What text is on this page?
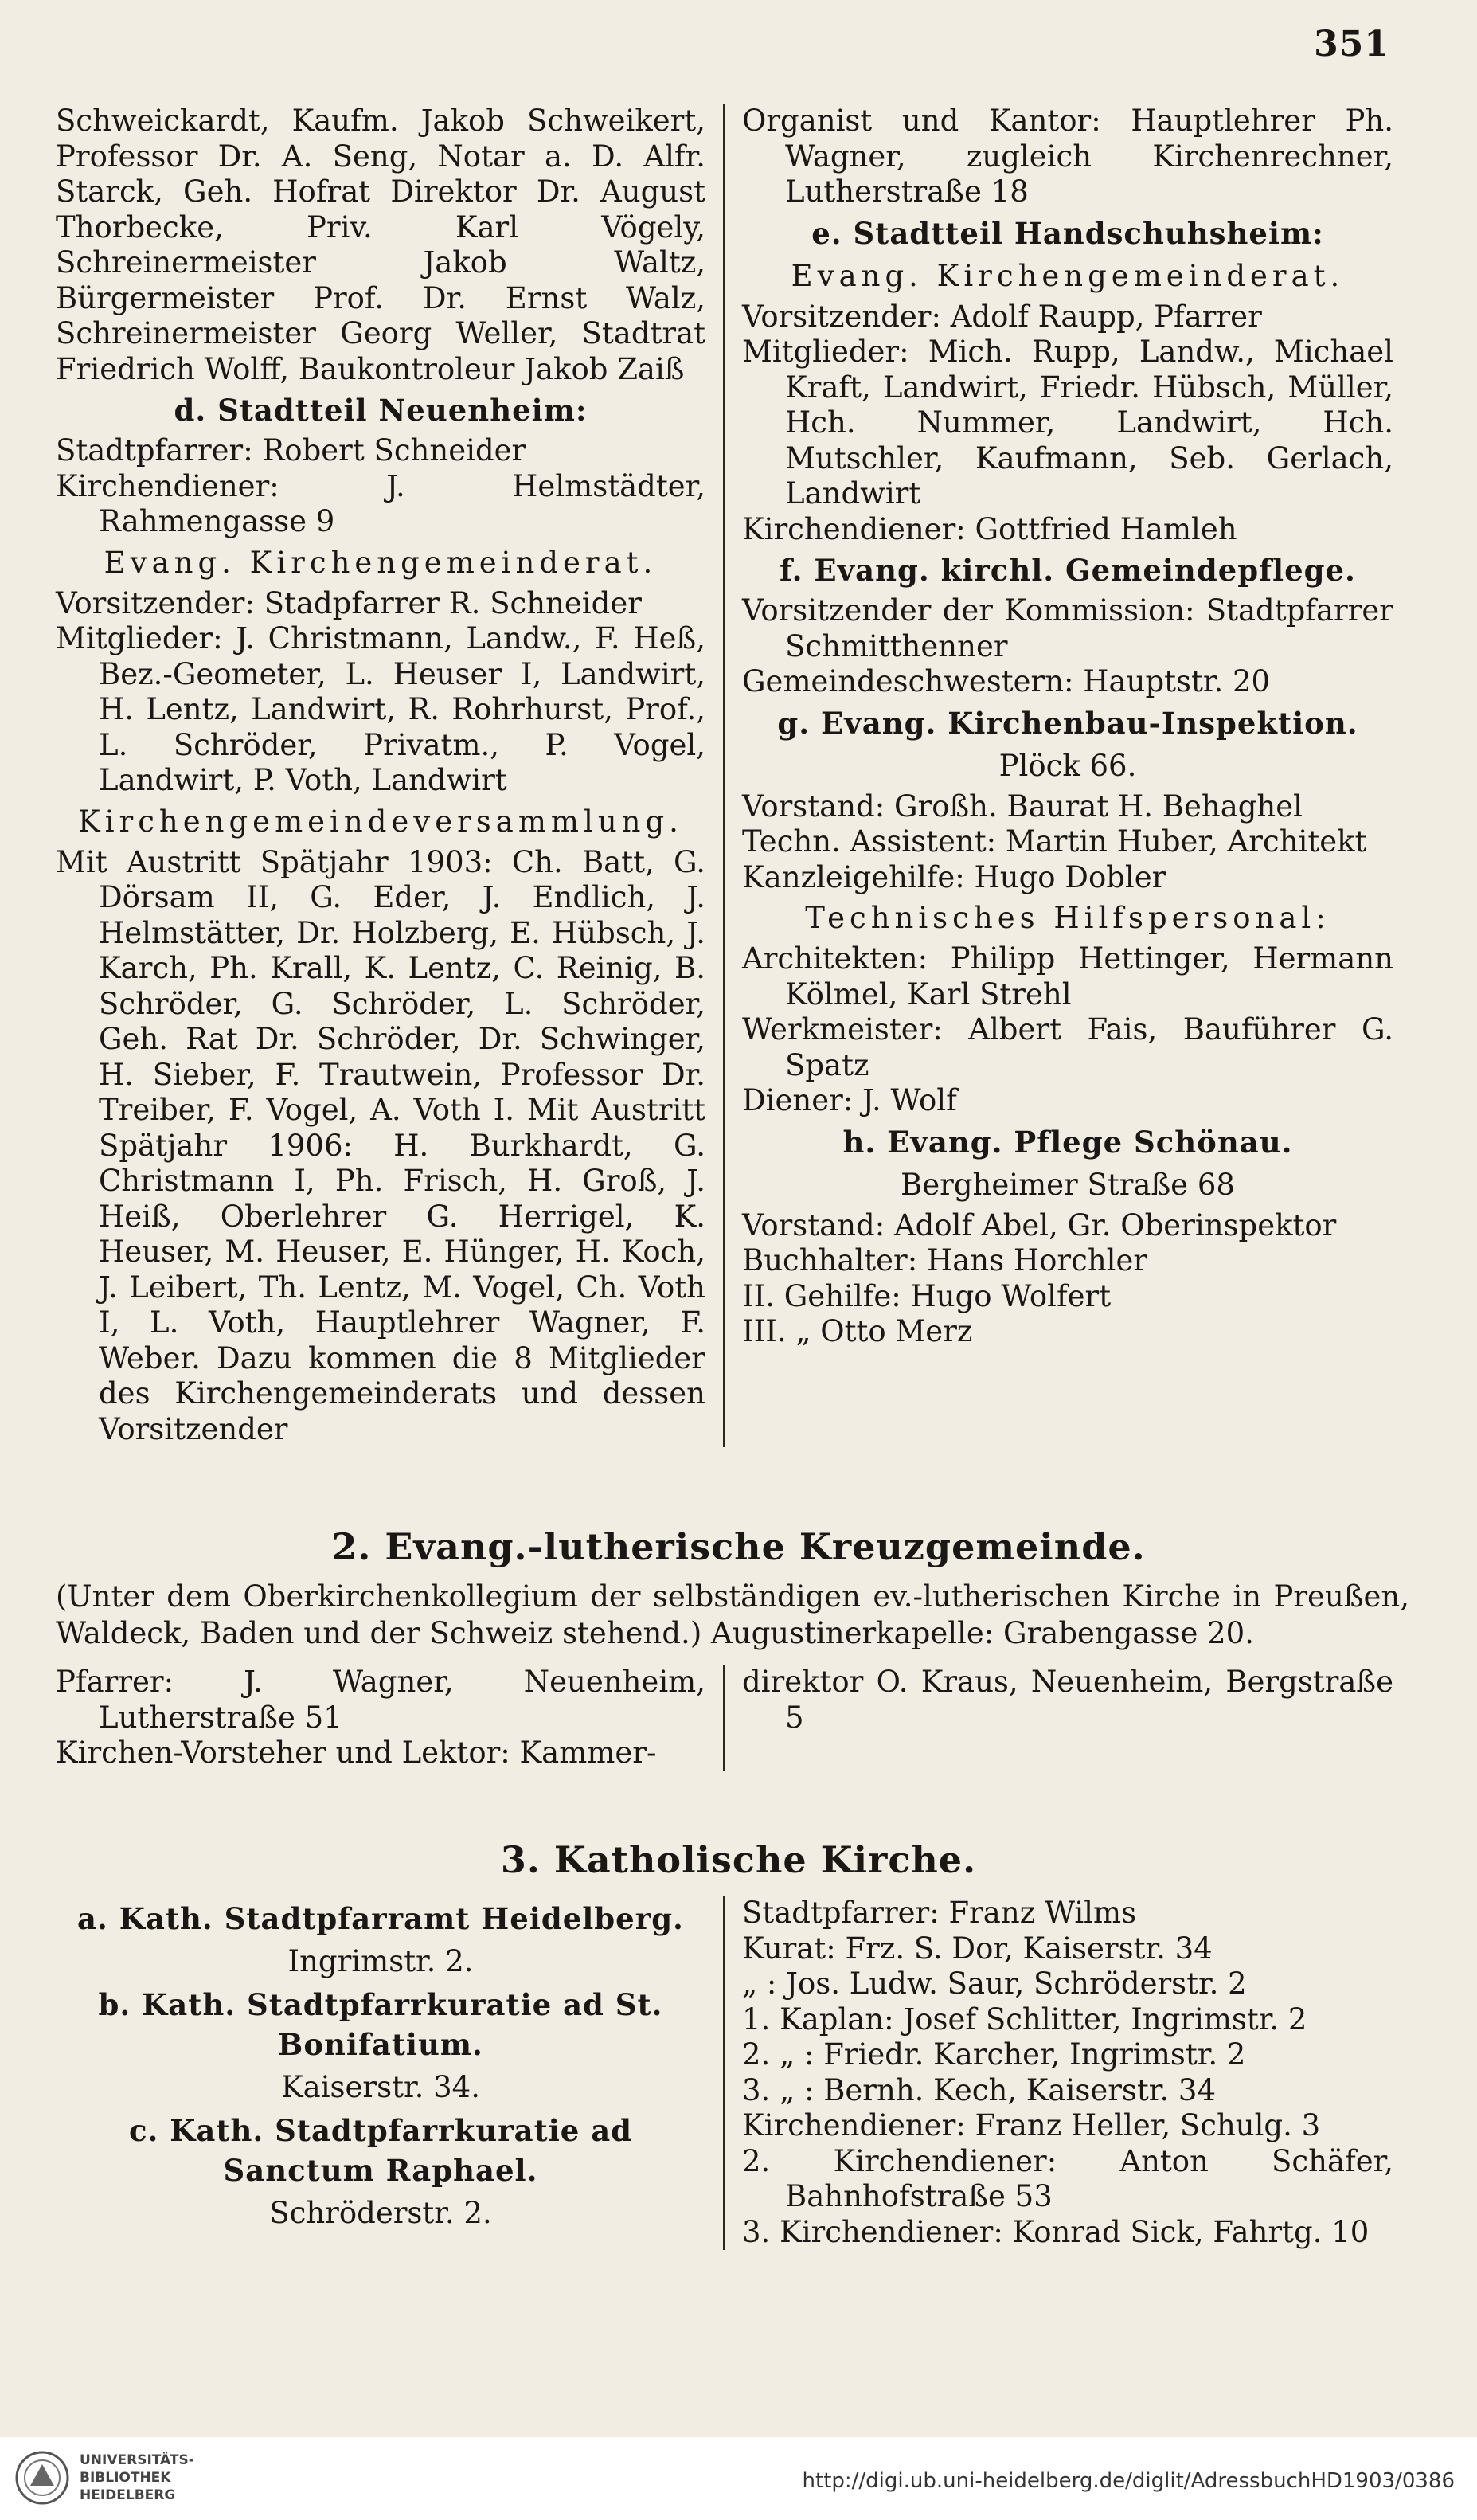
351

Schweickardt, Kaufm. Jakob Schweikert, Professor Dr. A. Seng, Notar a. D. Alfr. Starck, Geh. Hofrat Direktor Dr. August Thorbecke, Priv. Karl Vögely, Schreinermeister Jakob Waltz, Bürgermeister Prof. Dr. Ernst Walz, Schreinermeister Georg Weller, Stadtrat Friedrich Wolff, Baukontroleur Jakob Zaiß

d. Stadtteil Neuenheim:

Stadtpfarrer: Robert Schneider

Kirchendiener: J. Helmstädter, Rahmengasse 9

Evang. Kirchengemeinderat.

Vorsitzender: Stadpfarrer R. Schneider

Mitglieder: J. Christmann, Landw., F. Heß, Bez.-Geometer, L. Heuser I, Landwirt, H. Lentz, Landwirt, R. Rohrhurst, Prof., L. Schröder, Privatm., P. Vogel, Landwirt, P. Voth, Landwirt

Kirchengemeindeversammlung.

Mit Austritt Spätjahr 1903: Ch. Batt, G. Dörsam II, G. Eder, J. Endlich, J. Helmstätter, Dr. Holzberg, E. Hübsch, J. Karch, Ph. Krall, K. Lentz, C. Reinig, B. Schröder, G. Schröder, L. Schröder, Geh. Rat Dr. Schröder, Dr. Schwinger, H. Sieber, F. Trautwein, Professor Dr. Treiber, F. Vogel, A. Voth I. Mit Austritt Spätjahr 1906: H. Burkhardt, G. Christmann I, Ph. Frisch, H. Groß, J. Heiß, Oberlehrer G. Herrigel, K. Heuser, M. Heuser, E. Hünger, H. Koch, J. Leibert, Th. Lentz, M. Vogel, Ch. Voth I, L. Voth, Hauptlehrer Wagner, F. Weber. Dazu kommen die 8 Mitglieder des Kirchengemeinderats und dessen Vorsitzender

Organist und Kantor: Hauptlehrer Ph. Wagner, zugleich Kirchenrechner, Lutherstraße 18

e. Stadtteil Handschuhsheim:

Evang. Kirchengemeinderat.

Vorsitzender: Adolf Raupp, Pfarrer

Mitglieder: Mich. Rupp, Landw., Michael Kraft, Landwirt, Friedr. Hübsch, Müller, Hch. Nummer, Landwirt, Hch. Mutschler, Kaufmann, Seb. Gerlach, Landwirt

Kirchendiener: Gottfried Hamleh

f. Evang. kirchl. Gemeindepflege.

Vorsitzender der Kommission: Stadtpfarrer Schmitthenner

Gemeindeschwestern: Hauptstr. 20

g. Evang. Kirchenbau-Inspektion.

Plöck 66.

Vorstand: Großh. Baurat H. Behaghel

Techn. Assistent: Martin Huber, Architekt

Kanzleigehilfe: Hugo Dobler

Technisches Hilfspersonal:

Architekten: Philipp Hettinger, Hermann Kölmel, Karl Strehl

Werkmeister: Albert Fais, Bauführer G. Spatz

Diener: J. Wolf

h. Evang. Pflege Schönau.

Bergheimer Straße 68

Vorstand: Adolf Abel, Gr. Oberinspektor

Buchhalter: Hans Horchler

II. Gehilfe: Hugo Wolfert

III. „ Otto Merz

2. Evang.-lutherische Kreuzgemeinde.
(Unter dem Oberkirchenkollegium der selbständigen ev.-lutherischen Kirche in Preußen, Waldeck, Baden und der Schweiz stehend.) Augustinerkapelle: Grabengasse 20.

Pfarrer: J. Wagner, Neuenheim, Lutherstraße 51

Kirchen-Vorsteher und Lektor: Kammer-

direktor O. Kraus, Neuenheim, Bergstraße 5

3. Katholische Kirche.

a. Kath. Stadtpfarramt Heidelberg.

Ingrimstr. 2.

b. Kath. Stadtpfarrkuratie ad St. Bonifatium.

Kaiserstr. 34.

c. Kath. Stadtpfarrkuratie ad Sanctum Raphael.

Schröderstr. 2.

Stadtpfarrer: Franz Wilms

Kurat: Frz. S. Dor, Kaiserstr. 34

„ : Jos. Ludw. Saur, Schröderstr. 2

1. Kaplan: Josef Schlitter, Ingrimstr. 2

2. „ : Friedr. Karcher, Ingrimstr. 2

3. „ : Bernh. Kech, Kaiserstr. 34

Kirchendiener: Franz Heller, Schulg. 3

2. Kirchendiener: Anton Schäfer, Bahnhofstraße 53

3. Kirchendiener: Konrad Sick, Fahrtg. 10

UNIVERSITÄTS-
BIBLIOTHEK
HEIDELBERG
http://digi.ub.uni-heidelberg.de/diglit/AdressbuchHD1903/0386
